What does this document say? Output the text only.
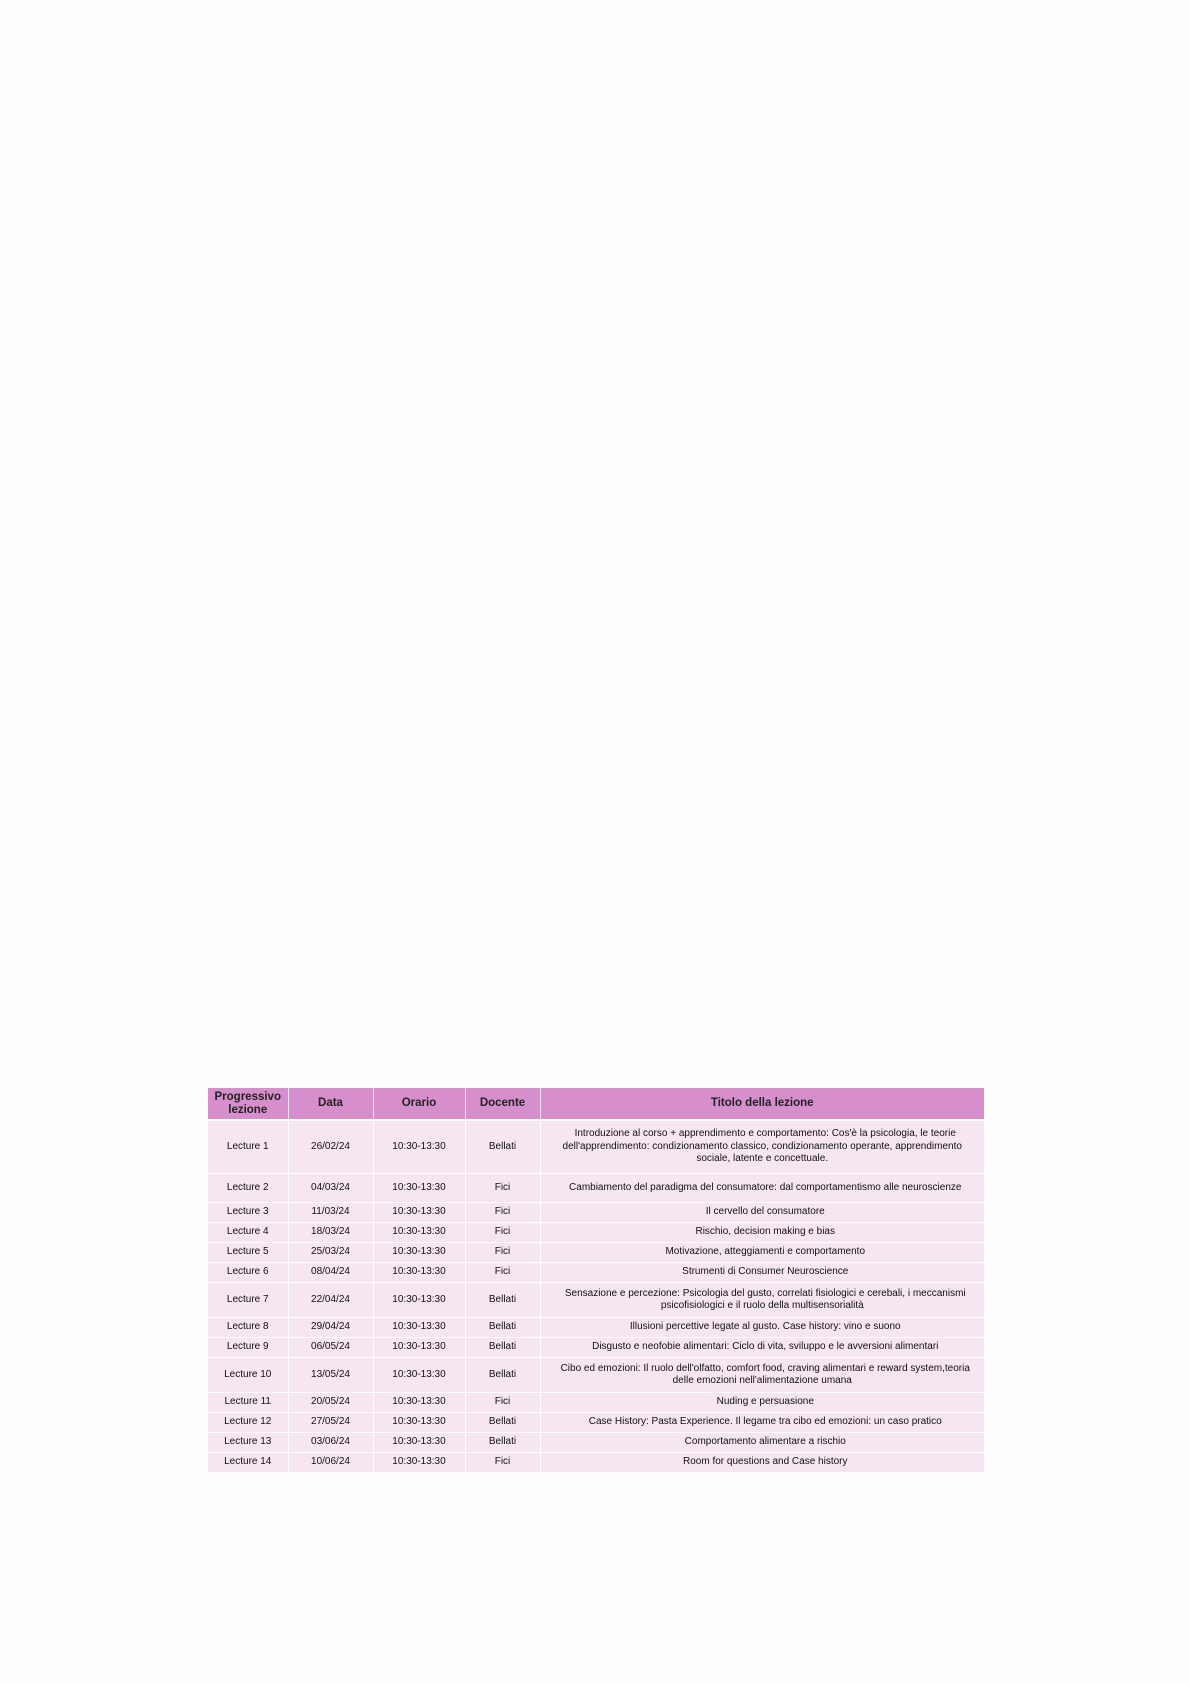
Progressivo lezione	Data	Orario	Docente	Titolo della lezione
Lecture 1	26/02/24	10:30-13:30	Bellati	Introduzione al corso + apprendimento e comportamento: Cos'è la psicologia, le teorie dell'apprendimento: condizionamento classico, condizionamento operante, apprendimento sociale, latente e concettuale.
Lecture 2	04/03/24	10:30-13:30	Fici	Cambiamento del paradigma del consumatore: dal comportamentismo alle neuroscienze
Lecture 3	11/03/24	10:30-13:30	Fici	Il cervello del consumatore
Lecture 4	18/03/24	10:30-13:30	Fici	Rischio, decision making e bias
Lecture 5	25/03/24	10:30-13:30	Fici	Motivazione, atteggiamenti e comportamento
Lecture 6	08/04/24	10:30-13:30	Fici	Strumenti di Consumer Neuroscience
Lecture 7	22/04/24	10:30-13:30	Bellati	Sensazione e percezione: Psicologia del gusto, correlati fisiologici e cerebali, i meccanismi psicofisiologici e il ruolo della multisensorialità
Lecture 8	29/04/24	10:30-13:30	Bellati	Illusioni percettive legate al gusto. Case history: vino e suono
Lecture 9	06/05/24	10:30-13:30	Bellati	Disgusto e neofobie alimentari: Ciclo di vita, sviluppo e le avversioni alimentari
Lecture 10	13/05/24	10:30-13:30	Bellati	Cibo ed emozioni: Il ruolo dell'olfatto, comfort food, craving alimentari e reward system,teoria delle emozioni nell'alimentazione umana
Lecture 11	20/05/24	10:30-13:30	Fici	Nuding e persuasione
Lecture 12	27/05/24	10:30-13:30	Bellati	Case History: Pasta Experience. Il legame tra cibo ed emozioni: un caso pratico
Lecture 13	03/06/24	10:30-13:30	Bellati	Comportamento alimentare a rischio
Lecture 14	10/06/24	10:30-13:30	Fici	Room for questions and Case history
